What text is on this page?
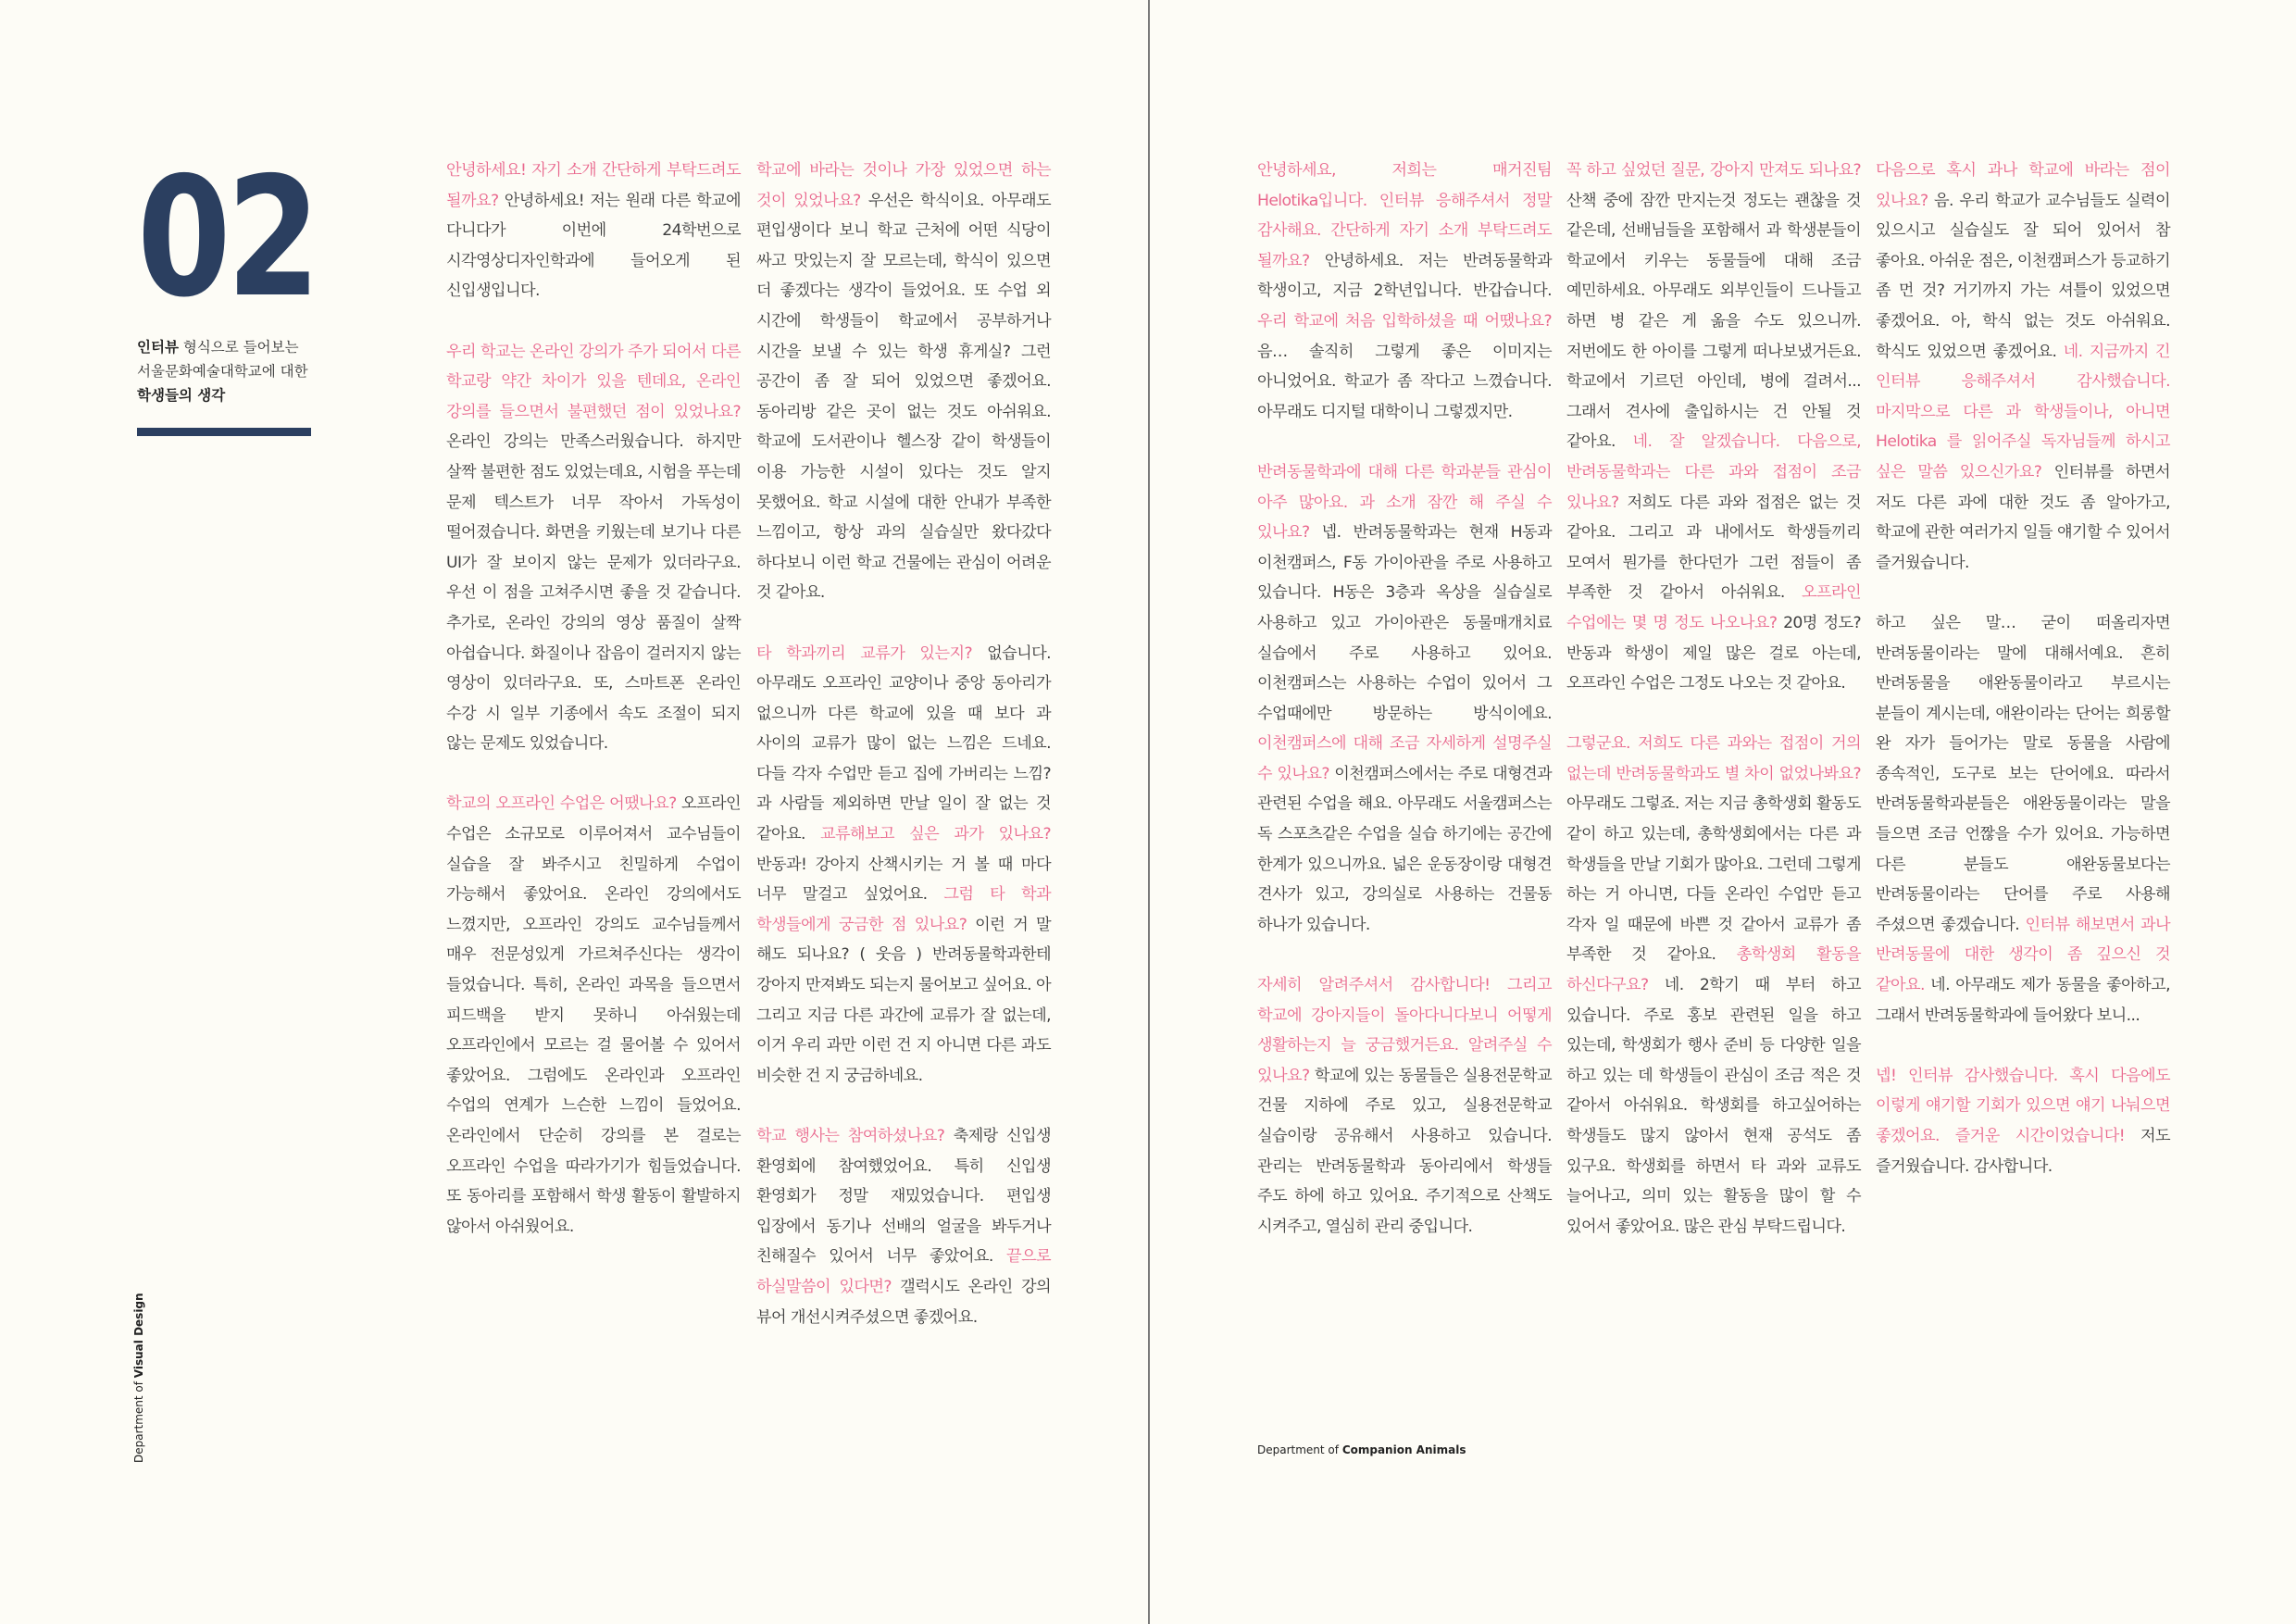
02
인터뷰 형식으로 들어보는
서울문화예술대학교에 대한
학생들의 생각

안녕하세요! 자기 소개 간단하게 부탁드려도 될까요? 안녕하세요! 저는 원래 다른 학교에 다니다가 이번에 24학번으로 시각영상디자인학과에 들어오게 된 신입생입니다.

우리 학교는 온라인 강의가 주가 되어서 다른 학교랑 약간 차이가 있을 텐데요, 온라인 강의를 들으면서 불편했던 점이 있었나요? 온라인 강의는 만족스러웠습니다. 하지만 살짝 불편한 점도 있었는데요, 시험을 푸는데 문제 텍스트가 너무 작아서 가독성이 떨어졌습니다. 화면을 키웠는데 보기나 다른 UI가 잘 보이지 않는 문제가 있더라구요. 우선 이 점을 고쳐주시면 좋을 것 같습니다. 추가로, 온라인 강의의 영상 품질이 살짝 아쉽습니다. 화질이나 잡음이 걸러지지 않는 영상이 있더라구요. 또, 스마트폰 온라인 수강 시 일부 기종에서 속도 조절이 되지 않는 문제도 있었습니다.

학교의 오프라인 수업은 어땠나요? 오프라인 수업은 소규모로 이루어져서 교수님들이 실습을 잘 봐주시고 친밀하게 수업이 가능해서 좋았어요. 온라인 강의에서도 느꼈지만, 오프라인 강의도 교수님들께서 매우 전문성있게 가르쳐주신다는 생각이 들었습니다. 특히, 온라인 과목을 들으면서 피드백을 받지 못하니 아쉬웠는데 오프라인에서 모르는 걸 물어볼 수 있어서 좋았어요. 그럼에도 온라인과 오프라인 수업의 연계가 느슨한 느낌이 들었어요. 온라인에서 단순히 강의를 본 걸로는 오프라인 수업을 따라가기가 힘들었습니다. 또 동아리를 포함해서 학생 활동이 활발하지 않아서 아쉬웠어요.

학교에 바라는 것이나 가장 있었으면 하는 것이 있었나요? 우선은 학식이요. 아무래도 편입생이다 보니 학교 근처에 어떤 식당이 싸고 맛있는지 잘 모르는데, 학식이 있으면 더 좋겠다는 생각이 들었어요. 또 수업 외 시간에 학생들이 학교에서 공부하거나 시간을 보낼 수 있는 학생 휴게실? 그런 공간이 좀 잘 되어 있었으면 좋겠어요. 동아리방 같은 곳이 없는 것도 아쉬워요. 학교에 도서관이나 헬스장 같이 학생들이 이용 가능한 시설이 있다는 것도 알지 못했어요. 학교 시설에 대한 안내가 부족한 느낌이고, 항상 과의 실습실만 왔다갔다 하다보니 이런 학교 건물에는 관심이 어려운 것 같아요.

타 학과끼리 교류가 있는지? 없습니다. 아무래도 오프라인 교양이나 중앙 동아리가 없으니까 다른 학교에 있을 때 보다 과 사이의 교류가 많이 없는 느낌은 드네요. 다들 각자 수업만 듣고 집에 가버리는 느낌? 과 사람들 제외하면 만날 일이 잘 없는 것 같아요. 교류해보고 싶은 과가 있나요? 반동과! 강아지 산책시키는 거 볼 때 마다 너무 말걸고 싶었어요. 그럼 타 학과 학생들에게 궁금한 점 있나요? 이런 거 말 해도 되나요? ( 웃음 ) 반려동물학과한테 강아지 만져봐도 되는지 물어보고 싶어요. 아 그리고 지금 다른 과간에 교류가 잘 없는데, 이거 우리 과만 이런 건 지 아니면 다른 과도 비슷한 건 지 궁금하네요.

학교 행사는 참여하셨나요? 축제랑 신입생 환영회에 참여했었어요. 특히 신입생 환영회가 정말 재밌었습니다. 편입생 입장에서 동기나 선배의 얼굴을 봐두거나 친해질수 있어서 너무 좋았어요. 끝으로 하실말씀이 있다면? 갤럭시도 온라인 강의 뷰어 개선시켜주셨으면 좋겠어요.

안녕하세요, 저희는 매거진팀 Helotika입니다. 인터뷰 응해주셔서 정말 감사해요. 간단하게 자기 소개 부탁드려도 될까요? 안녕하세요. 저는 반려동물학과 학생이고, 지금 2학년입니다. 반갑습니다. 우리 학교에 처음 입학하셨을 때 어땠나요? 음… 솔직히 그렇게 좋은 이미지는 아니었어요. 학교가 좀 작다고 느꼈습니다. 아무래도 디지털 대학이니 그렇겠지만.

반려동물학과에 대해 다른 학과분들 관심이 아주 많아요. 과 소개 잠깐 해 주실 수 있나요? 넵. 반려동물학과는 현재 H동과 이천캠퍼스, F동 가이아관을 주로 사용하고 있습니다. H동은 3층과 옥상을 실습실로 사용하고 있고 가이아관은 동물매개치료 실습에서 주로 사용하고 있어요. 이천캠퍼스는 사용하는 수업이 있어서 그 수업때에만 방문하는 방식이에요. 이천캠퍼스에 대해 조금 자세하게 설명주실 수 있나요? 이천캠퍼스에서는 주로 대형견과 관련된 수업을 해요. 아무래도 서울캠퍼스는 독 스포츠같은 수업을 실습 하기에는 공간에 한계가 있으니까요. 넓은 운동장이랑 대형견 견사가 있고, 강의실로 사용하는 건물동 하나가 있습니다.

자세히 알려주셔서 감사합니다! 그리고 학교에 강아지들이 돌아다니다보니 어떻게 생활하는지 늘 궁금했거든요. 알려주실 수 있나요? 학교에 있는 동물들은 실용전문학교 건물 지하에 주로 있고, 실용전문학교 실습이랑 공유해서 사용하고 있습니다. 관리는 반려동물학과 동아리에서 학생들 주도 하에 하고 있어요. 주기적으로 산책도 시켜주고, 열심히 관리 중입니다.

꼭 하고 싶었던 질문, 강아지 만져도 되나요?산책 중에 잠깐 만지는것 정도는 괜찮을 것 같은데, 선배님들을 포함해서 과 학생분들이 학교에서 키우는 동물들에 대해 조금 예민하세요. 아무래도 외부인들이 드나들고 하면 병 같은 게 옮을 수도 있으니까. 저번에도 한 아이를 그렇게 떠나보냈거든요. 학교에서 기르던 아인데, 병에 걸려서... 그래서 견사에 출입하시는 건 안될 것 같아요. 네. 잘 알겠습니다. 다음으로, 반려동물학과는 다른 과와 접점이 조금 있나요? 저희도 다른 과와 접점은 없는 것 같아요. 그리고 과 내에서도 학생들끼리 모여서 뭔가를 한다던가 그런 점들이 좀 부족한 것 같아서 아쉬워요. 오프라인 수업에는 몇 명 정도 나오나요? 20명 정도? 반동과 학생이 제일 많은 걸로 아는데, 오프라인 수업은 그정도 나오는 것 같아요.

그렇군요. 저희도 다른 과와는 접점이 거의 없는데 반려동물학과도 별 차이 없었나봐요? 아무래도 그렇죠. 저는 지금 총학생회 활동도 같이 하고 있는데, 총학생회에서는 다른 과 학생들을 만날 기회가 많아요. 그런데 그렇게 하는 거 아니면, 다들 온라인 수업만 듣고 각자 일 때문에 바쁜 것 같아서 교류가 좀 부족한 것 같아요. 총학생회 활동을 하신다구요? 네. 2학기 때 부터 하고 있습니다. 주로 홍보 관련된 일을 하고 있는데, 학생회가 행사 준비 등 다양한 일을 하고 있는 데 학생들이 관심이 조금 적은 것 같아서 아쉬워요. 학생회를 하고싶어하는 학생들도 많지 않아서 현재 공석도 좀 있구요. 학생회를 하면서 타 과와 교류도 늘어나고, 의미 있는 활동을 많이 할 수 있어서 좋았어요. 많은 관심 부탁드립니다.

다음으로 혹시 과나 학교에 바라는 점이 있나요? 음. 우리 학교가 교수님들도 실력이 있으시고 실습실도 잘 되어 있어서 참 좋아요. 아쉬운 점은, 이천캠퍼스가 등교하기 좀 먼 것? 거기까지 가는 셔틀이 있었으면 좋겠어요. 아, 학식 없는 것도 아쉬워요. 학식도 있었으면 좋겠어요. 네. 지금까지 긴 인터뷰 응해주셔서 감사했습니다. 마지막으로 다른 과 학생들이나, 아니면 Helotika 를 읽어주실 독자님들께 하시고 싶은 말씀 있으신가요? 인터뷰를 하면서 저도 다른 과에 대한 것도 좀 알아가고, 학교에 관한 여러가지 일들 얘기할 수 있어서 즐거웠습니다.

하고 싶은 말… 굳이 떠올리자면 반려동물이라는 말에 대해서예요. 흔히 반려동물을 애완동물이라고 부르시는 분들이 계시는데, 애완이라는 단어는 희롱할 완 자가 들어가는 말로 동물을 사람에 종속적인, 도구로 보는 단어에요. 따라서 반려동물학과분들은 애완동물이라는 말을 들으면 조금 언짢을 수가 있어요. 가능하면 다른 분들도 애완동물보다는 반려동물이라는 단어를 주로 사용해 주셨으면 좋겠습니다. 인터뷰 해보면서 과나 반려동물에 대한 생각이 좀 깊으신 것 같아요. 네. 아무래도 제가 동물을 좋아하고, 그래서 반려동물학과에 들어왔다 보니...

넵! 인터뷰 감사했습니다. 혹시 다음에도 이렇게 얘기할 기회가 있으면 얘기 나눠으면 좋겠어요. 즐거운 시간이었습니다! 저도 즐거웠습니다. 감사합니다.

Department of Visual Design
Department of Companion Animals
